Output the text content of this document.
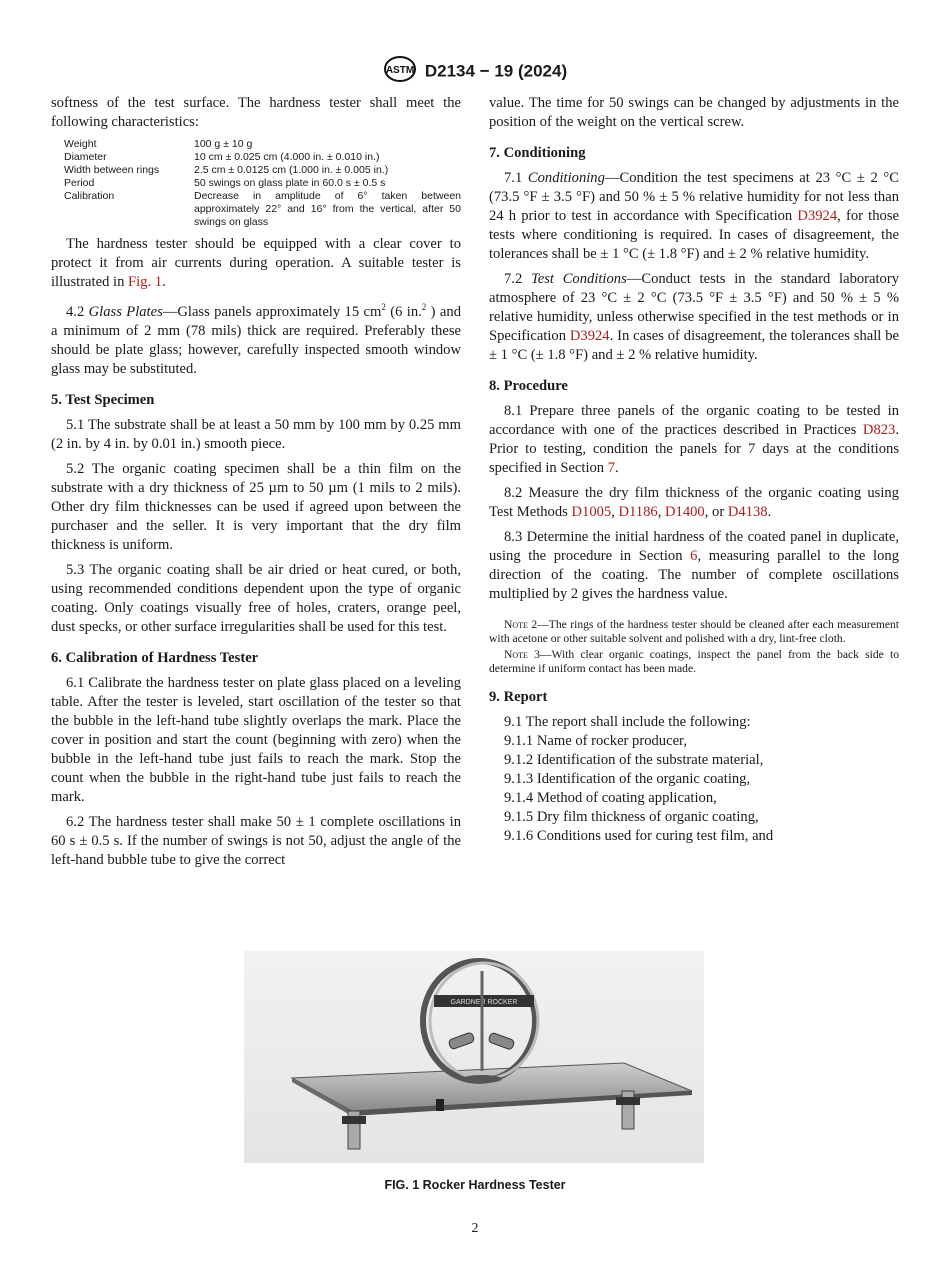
ASTM D2134 − 19 (2024)

softness of the test surface. The hardness tester shall meet the following characteristics:

Weight	100 g ± 10 g
Diameter	10 cm ± 0.025 cm (4.000 in. ± 0.010 in.)
Width between rings	2.5 cm ± 0.0125 cm (1.000 in. ± 0.005 in.)
Period	50 swings on glass plate in 60.0 s ± 0.5 s
Calibration	Decrease in amplitude of 6° taken between approximately 22° and 16° from the vertical, after 50 swings on glass

The hardness tester should be equipped with a clear cover to protect it from air currents during operation. A suitable tester is illustrated in Fig. 1.

4.2 Glass Plates—Glass panels approximately 15 $cm^2$ (6 in.$^2$ ) and a minimum of 2 mm (78 mils) thick are required. Preferably these should be plate glass; however, carefully inspected smooth window glass may be substituted.

5. Test Specimen

5.1 The substrate shall be at least a 50 mm by 100 mm by 0.25 mm (2 in. by 4 in. by 0.01 in.) smooth piece.

5.2 The organic coating specimen shall be a thin film on the substrate with a dry thickness of 25 µm to 50 µm (1 mils to 2 mils). Other dry film thicknesses can be used if agreed upon between the purchaser and the seller. It is very important that the dry film thickness is uniform.

5.3 The organic coating shall be air dried or heat cured, or both, using recommended conditions dependent upon the type of organic coating. Only coatings visually free of holes, craters, orange peel, dust specks, or other surface irregularities shall be used for this test.

6. Calibration of Hardness Tester

6.1 Calibrate the hardness tester on plate glass placed on a leveling table. After the tester is leveled, start oscillation of the tester so that the bubble in the left-hand tube slightly overlaps the mark. Place the cover in position and start the count (beginning with zero) when the bubble in the left-hand tube just fails to reach the mark. Stop the count when the bubble in the right-hand tube just fails to reach the mark.

6.2 The hardness tester shall make 50 ± 1 complete oscillations in 60 s ± 0.5 s. If the number of swings is not 50, adjust the angle of the left-hand bubble tube to give the correct

value. The time for 50 swings can be changed by adjustments in the position of the weight on the vertical screw.

7. Conditioning

7.1 Conditioning—Condition the test specimens at 23 °C ± 2 °C (73.5 °F ± 3.5 °F) and 50 % ± 5 % relative humidity for not less than 24 h prior to test in accordance with Specification D3924, for those tests where conditioning is required. In cases of disagreement, the tolerances shall be ± 1 °C (± 1.8 °F) and ± 2 % relative humidity.

7.2 Test Conditions—Conduct tests in the standard laboratory atmosphere of 23 °C ± 2 °C (73.5 °F ± 3.5 °F) and 50 % ± 5 % relative humidity, unless otherwise specified in the test methods or in Specification D3924. In cases of disagreement, the tolerances shall be ± 1 °C (± 1.8 °F) and ± 2 % relative humidity.

8. Procedure

8.1 Prepare three panels of the organic coating to be tested in accordance with one of the practices described in Practices D823. Prior to testing, condition the panels for 7 days at the conditions specified in Section 7.

8.2 Measure the dry film thickness of the organic coating using Test Methods D1005, D1186, D1400, or D4138.

8.3 Determine the initial hardness of the coated panel in duplicate, using the procedure in Section 6, measuring parallel to the long direction of the coating. The number of complete oscillations multiplied by 2 gives the hardness value.

Note 2—The rings of the hardness tester should be cleaned after each measurement with acetone or other suitable solvent and polished with a dry, lint-free cloth.

Note 3—With clear organic coatings, inspect the panel from the back side to determine if uniform contact has been made.

9. Report

9.1 The report shall include the following:

9.1.1 Name of rocker producer,

9.1.2 Identification of the substrate material,

9.1.3 Identification of the organic coating,

9.1.4 Method of coating application,

9.1.5 Dry film thickness of organic coating,

9.1.6 Conditions used for curing test film, and

GARDNER ROCKER
FIG. 1 Rocker Hardness Tester
2
